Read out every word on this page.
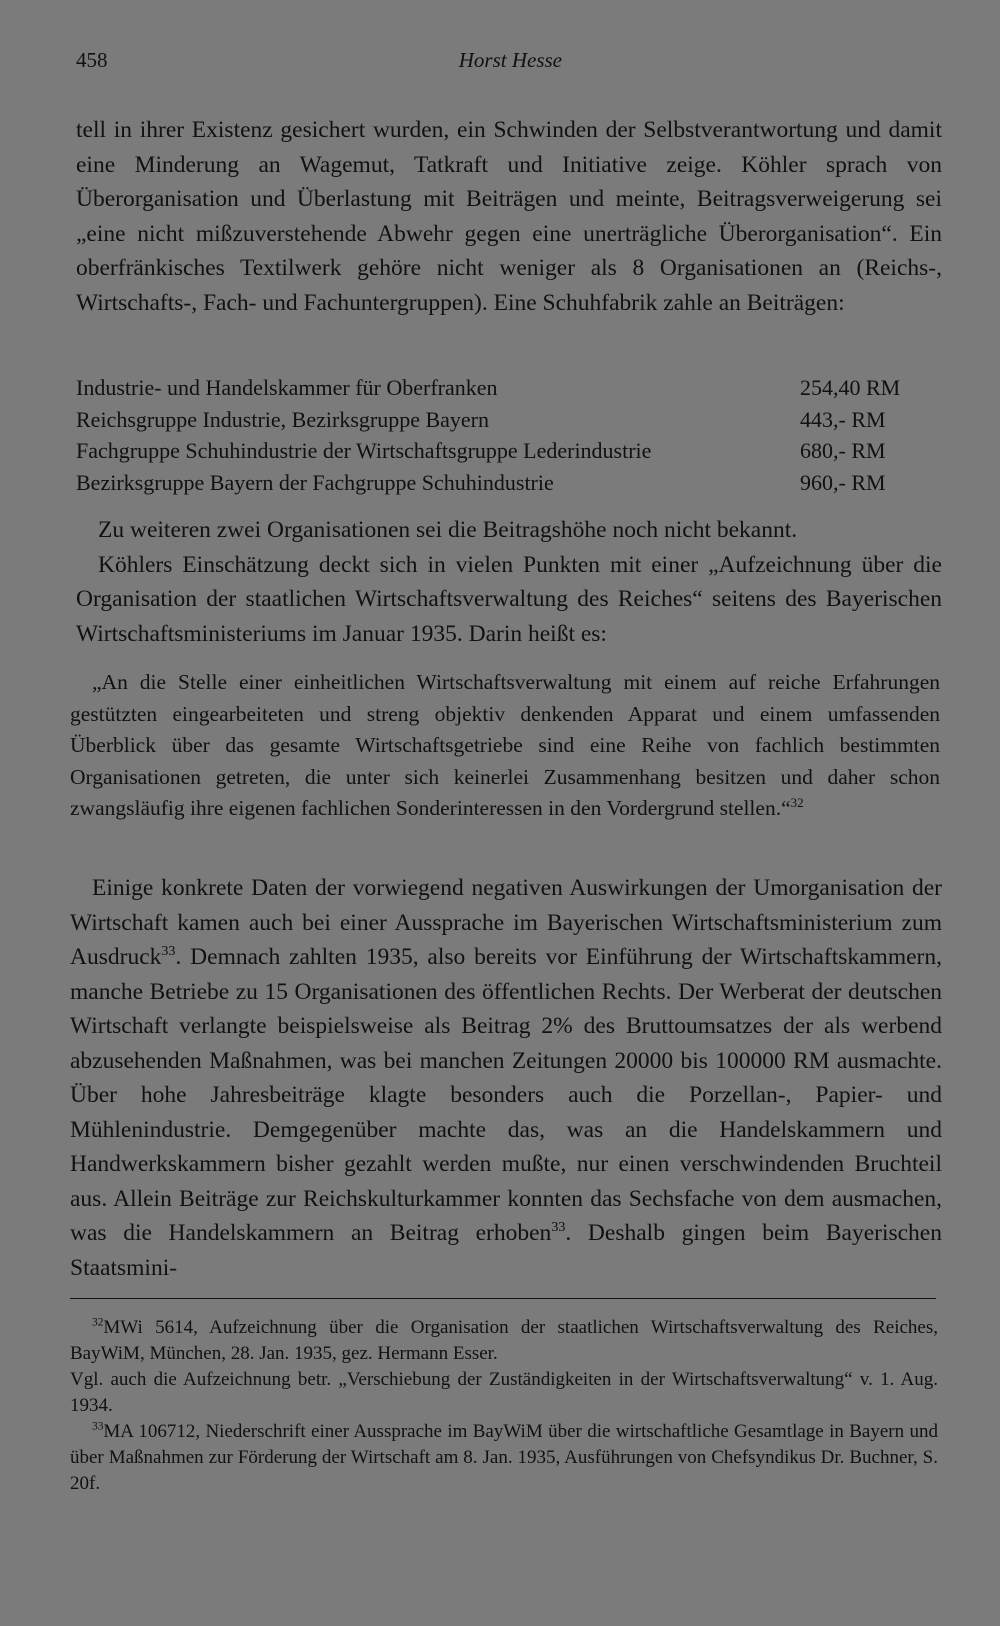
458	Horst Hesse

tell in ihrer Existenz gesichert wurden, ein Schwinden der Selbstverantwortung und damit eine Minderung an Wagemut, Tatkraft und Initiative zeige. Köhler sprach von Überorganisation und Überlastung mit Beiträgen und meinte, Beitragsverweigerung sei „eine nicht mißzuverstehende Abwehr gegen eine unerträgliche Überorganisation“. Ein oberfränkisches Textilwerk gehöre nicht weniger als 8 Organisationen an (Reichs-, Wirtschafts-, Fach- und Fachuntergruppen). Eine Schuhfabrik zahle an Beiträgen:

Industrie- und Handelskammer für Oberfranken	254,40 RM
Reichsgruppe Industrie, Bezirksgruppe Bayern	443,- RM
Fachgruppe Schuhindustrie der Wirtschaftsgruppe Lederindustrie	680,- RM
Bezirksgruppe Bayern der Fachgruppe Schuhindustrie	960,- RM
Zu weiteren zwei Organisationen sei die Beitragshöhe noch nicht bekannt.
Köhlers Einschätzung deckt sich in vielen Punkten mit einer „Aufzeichnung über die Organisation der staatlichen Wirtschaftsverwaltung des Reiches“ seitens des Bayerischen Wirtschaftsministeriums im Januar 1935. Darin heißt es:

„An die Stelle einer einheitlichen Wirtschaftsverwaltung mit einem auf reiche Erfahrungen gestützten eingearbeiteten und streng objektiv denkenden Apparat und einem umfassenden Überblick über das gesamte Wirtschaftsgetriebe sind eine Reihe von fachlich bestimmten Organisationen getreten, die unter sich keinerlei Zusammenhang besitzen und daher schon zwangsläufig ihre eigenen fachlichen Sonderinteressen in den Vordergrund stellen.“$^{32}$

Einige konkrete Daten der vorwiegend negativen Auswirkungen der Umorganisation der Wirtschaft kamen auch bei einer Aussprache im Bayerischen Wirtschaftsministerium zum Ausdruck$^{33}$. Demnach zahlten 1935, also bereits vor Einführung der Wirtschaftskammern, manche Betriebe zu 15 Organisationen des öffentlichen Rechts. Der Werberat der deutschen Wirtschaft verlangte beispielsweise als Beitrag 2% des Bruttoumsatzes der als werbend abzusehenden Maßnahmen, was bei manchen Zeitungen 20000 bis 100000 RM ausmachte. Über hohe Jahresbeiträge klagte besonders auch die Porzellan-, Papier- und Mühlenindustrie. Demgegenüber machte das, was an die Handelskammern und Handwerkskammern bisher gezahlt werden mußte, nur einen verschwindenden Bruchteil aus. Allein Beiträge zur Reichskulturkammer konnten das Sechsfache von dem ausmachen, was die Handelskammern an Beitrag erhoben$^{33}$. Deshalb gingen beim Bayerischen Staatsmini-

$^{32}$MWi 5614, Aufzeichnung über die Organisation der staatlichen Wirtschaftsverwaltung des Reiches, BayWiM, München, 28. Jan. 1935, gez. Hermann Esser.

Vgl. auch die Aufzeichnung betr. „Verschiebung der Zuständigkeiten in der Wirtschaftsverwaltung“ v. 1. Aug. 1934.

$^{33}$MA 106712, Niederschrift einer Aussprache im BayWiM über die wirtschaftliche Gesamtlage in Bayern und über Maßnahmen zur Förderung der Wirtschaft am 8. Jan. 1935, Ausführungen von Chefsyndikus Dr. Buchner, S. 20f.
